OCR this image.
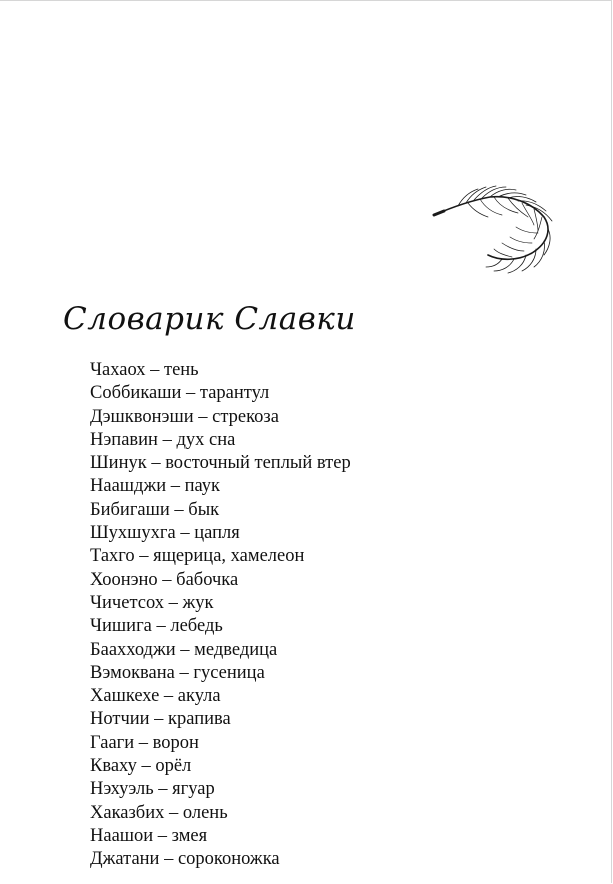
Словарик Славки
Чахаох – тень
Соббикаши – тарантул
Дэшквонэши – стрекоза
Нэпавин – дух сна
Шинук – восточный теплый втер
Наашджи – паук
Бибигаши – бык
Шухшухга – цапля
Тахго – ящерица, хамелеон
Хоонэно – бабочка
Чичетсох – жук
Чишига – лебедь
Баахходжи – медведица
Вэмоквана – гусеница
Хашкехе – акула
Нотчии – крапива
Гааги – ворон
Кваху – орёл
Нэхуэль – ягуар
Хаказбих – олень
Наашои – змея
Джатани – сороконожка
